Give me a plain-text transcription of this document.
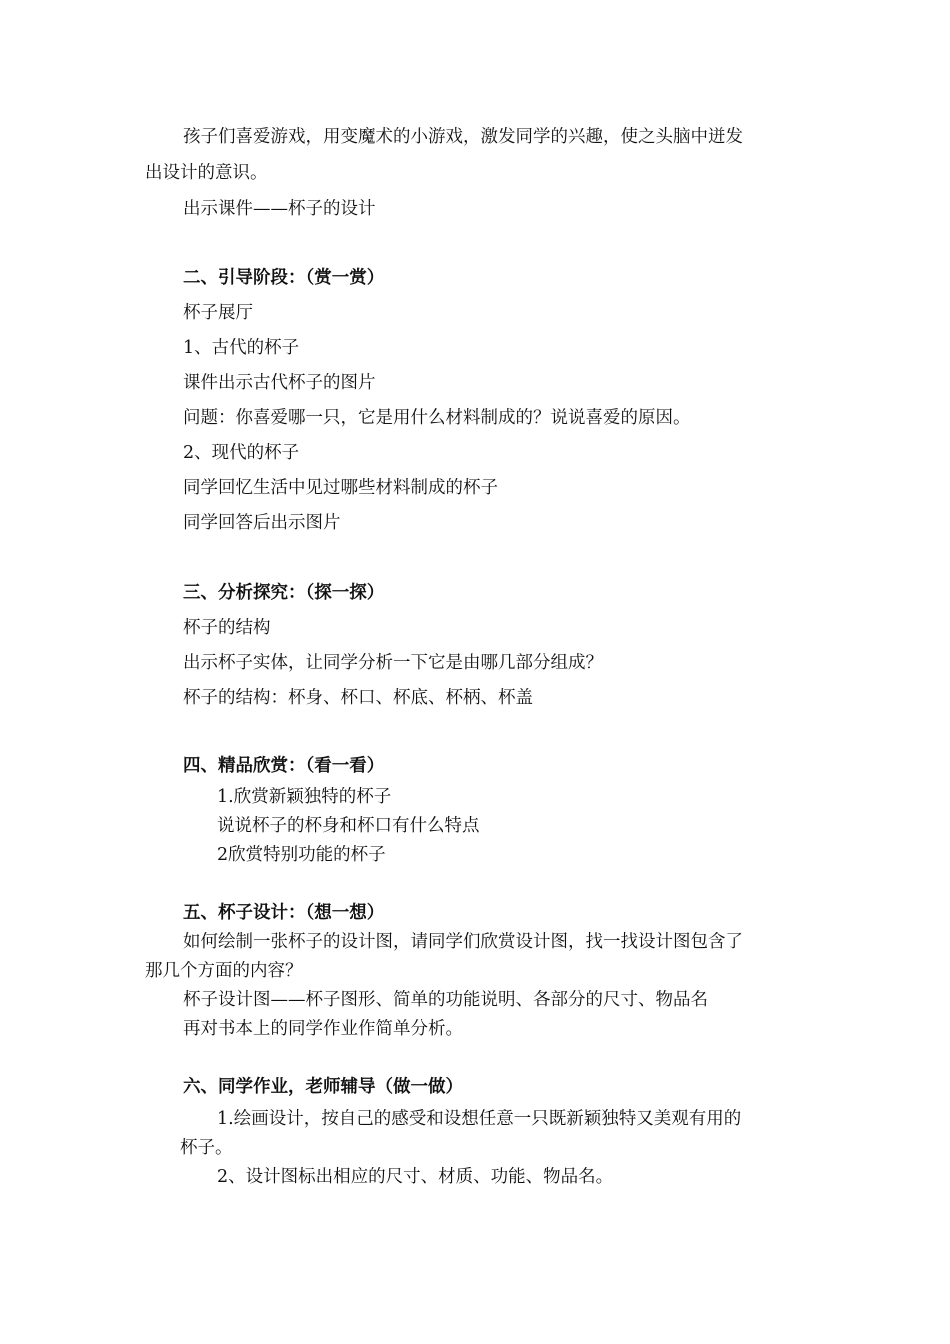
孩子们喜爱游戏，用变魔术的小游戏，激发同学的兴趣，使之头脑中迸发
出设计的意识。
出示课件——杯子的设计
二、引导阶段：（赏一赏）
杯子展厅
1、古代的杯子
课件出示古代杯子的图片
问题：你喜爱哪一只，它是用什么材料制成的？说说喜爱的原因。
2、现代的杯子
同学回忆生活中见过哪些材料制成的杯子
同学回答后出示图片
三、分析探究：（探一探）
杯子的结构
出示杯子实体，让同学分析一下它是由哪几部分组成？
杯子的结构：杯身、杯口、杯底、杯柄、杯盖
四、精品欣赏：（看一看）
1.欣赏新颖独特的杯子
说说杯子的杯身和杯口有什么特点
2欣赏特别功能的杯子
五、杯子设计：（想一想）
如何绘制一张杯子的设计图，请同学们欣赏设计图，找一找设计图包含了
那几个方面的内容？
杯子设计图——杯子图形、简单的功能说明、各部分的尺寸、物品名
再对书本上的同学作业作简单分析。
六、同学作业，老师辅导（做一做）
1.绘画设计，按自己的感受和设想任意一只既新颖独特又美观有用的
杯子。
2、设计图标出相应的尺寸、材质、功能、物品名。
